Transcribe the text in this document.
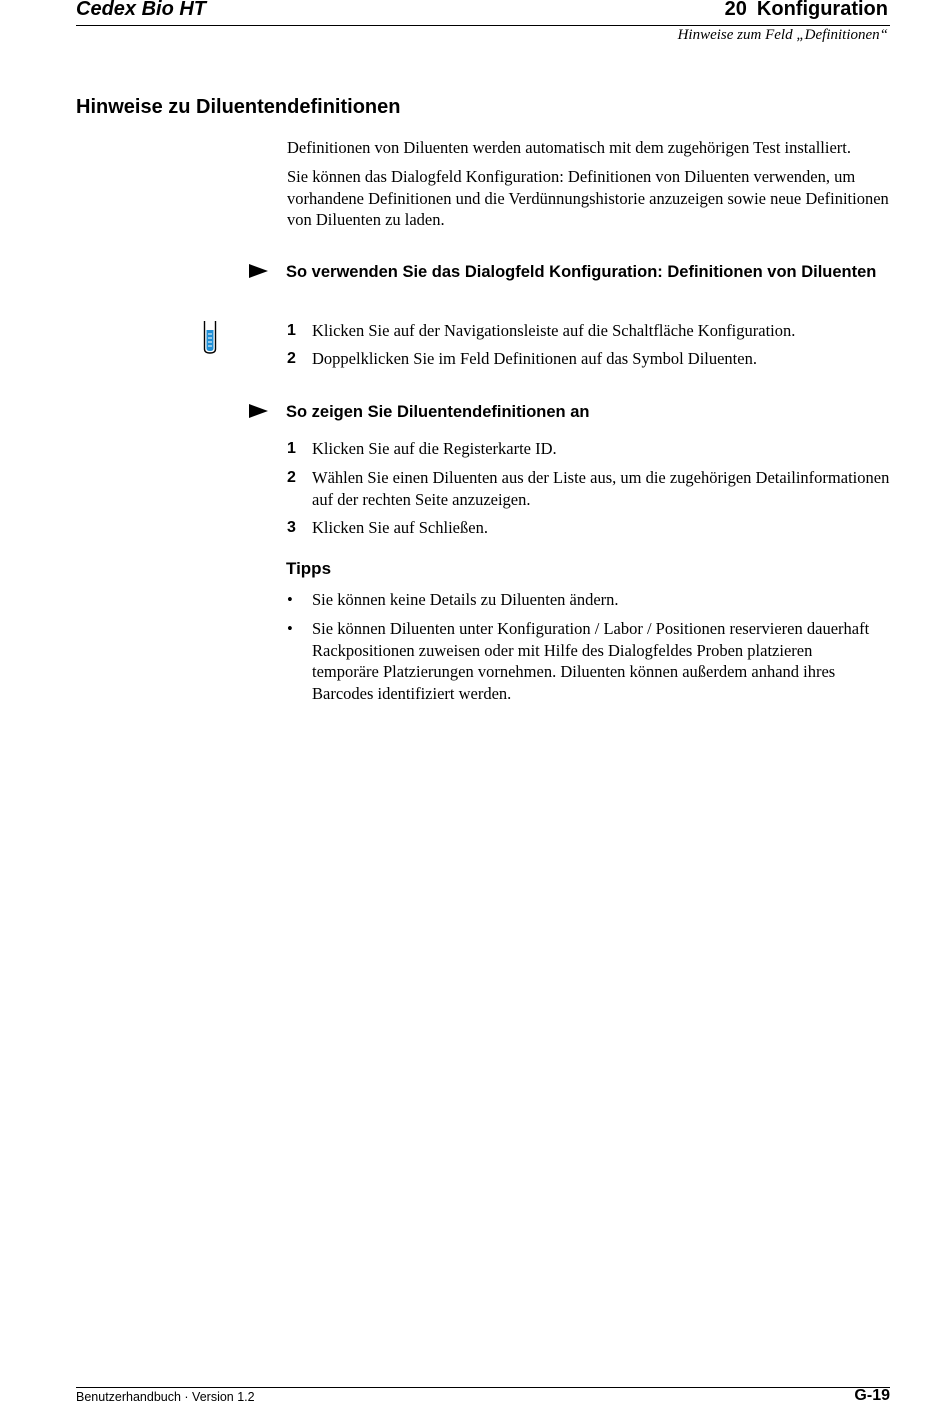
Cedex Bio HT	20 Konfiguration
Hinweise zum Feld „Definitionen“
Hinweise zu Diluentendefinitionen
Definitionen von Diluenten werden automatisch mit dem zugehörigen Test installiert.
Sie können das Dialogfeld Konfiguration: Definitionen von Diluenten verwenden, um vorhandene Definitionen und die Verdünnungshistorie anzuzeigen sowie neue Definitionen von Diluenten zu laden.
So verwenden Sie das Dialogfeld Konfiguration: Definitionen von Diluenten
1 Klicken Sie auf der Navigationsleiste auf die Schaltfläche Konfiguration.
2 Doppelklicken Sie im Feld Definitionen auf das Symbol Diluenten.
So zeigen Sie Diluentendefinitionen an
1 Klicken Sie auf die Registerkarte ID.
2 Wählen Sie einen Diluenten aus der Liste aus, um die zugehörigen Detailinformationen auf der rechten Seite anzuzeigen.
3 Klicken Sie auf Schließen.
Tipps
• Sie können keine Details zu Diluenten ändern.
• Sie können Diluenten unter Konfiguration / Labor / Positionen reservieren dauerhaft Rackpositionen zuweisen oder mit Hilfe des Dialogfeldes Proben platzieren temporäre Platzierungen vornehmen. Diluenten können außerdem anhand ihres Barcodes identifiziert werden.
Benutzerhandbuch · Version 1.2	G-19
